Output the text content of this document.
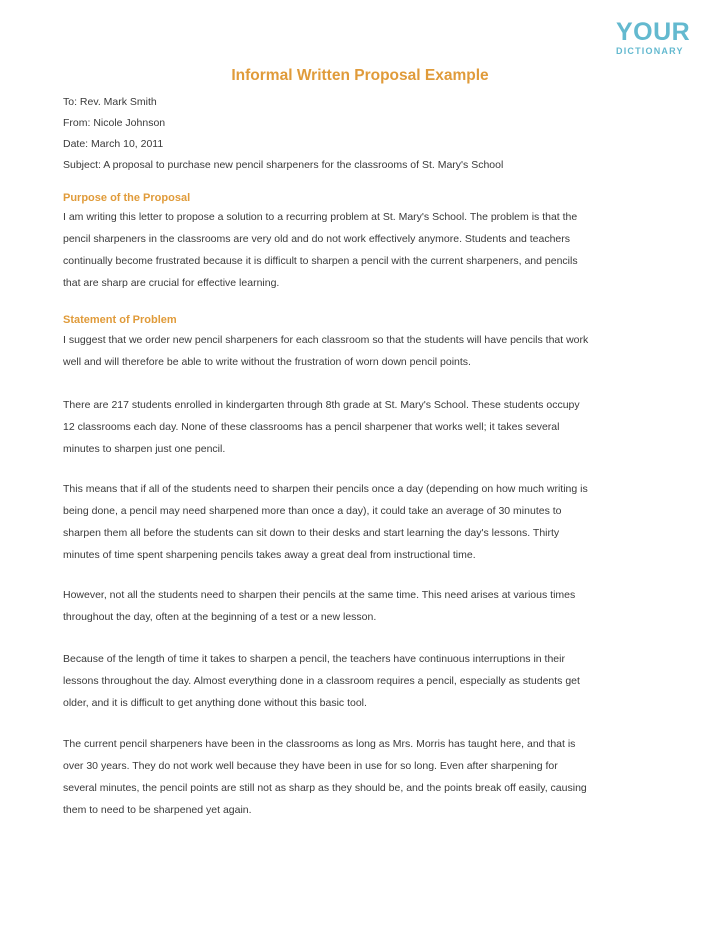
YOUR
DICTIONARY
Informal Written Proposal Example
To: Rev. Mark Smith
From: Nicole Johnson
Date: March 10, 2011
Subject: A proposal to purchase new pencil sharpeners for the classrooms of St. Mary's School
Purpose of the Proposal
I am writing this letter to propose a solution to a recurring problem at St. Mary's School. The problem is that the
pencil sharpeners in the classrooms are very old and do not work effectively anymore. Students and teachers
continually become frustrated because it is difficult to sharpen a pencil with the current sharpeners, and pencils
that are sharp are crucial for effective learning.
Statement of Problem
I suggest that we order new pencil sharpeners for each classroom so that the students will have pencils that work
well and will therefore be able to write without the frustration of worn down pencil points.
There are 217 students enrolled in kindergarten through 8th grade at St. Mary's School. These students occupy
12 classrooms each day. None of these classrooms has a pencil sharpener that works well; it takes several
minutes to sharpen just one pencil.
This means that if all of the students need to sharpen their pencils once a day (depending on how much writing is
being done, a pencil may need sharpened more than once a day), it could take an average of 30 minutes to
sharpen them all before the students can sit down to their desks and start learning the day's lessons. Thirty
minutes of time spent sharpening pencils takes away a great deal from instructional time.
However, not all the students need to sharpen their pencils at the same time. This need arises at various times
throughout the day, often at the beginning of a test or a new lesson.
Because of the length of time it takes to sharpen a pencil, the teachers have continuous interruptions in their
lessons throughout the day. Almost everything done in a classroom requires a pencil, especially as students get
older, and it is difficult to get anything done without this basic tool.
The current pencil sharpeners have been in the classrooms as long as Mrs. Morris has taught here, and that is
over 30 years. They do not work well because they have been in use for so long. Even after sharpening for
several minutes, the pencil points are still not as sharp as they should be, and the points break off easily, causing
them to need to be sharpened yet again.
